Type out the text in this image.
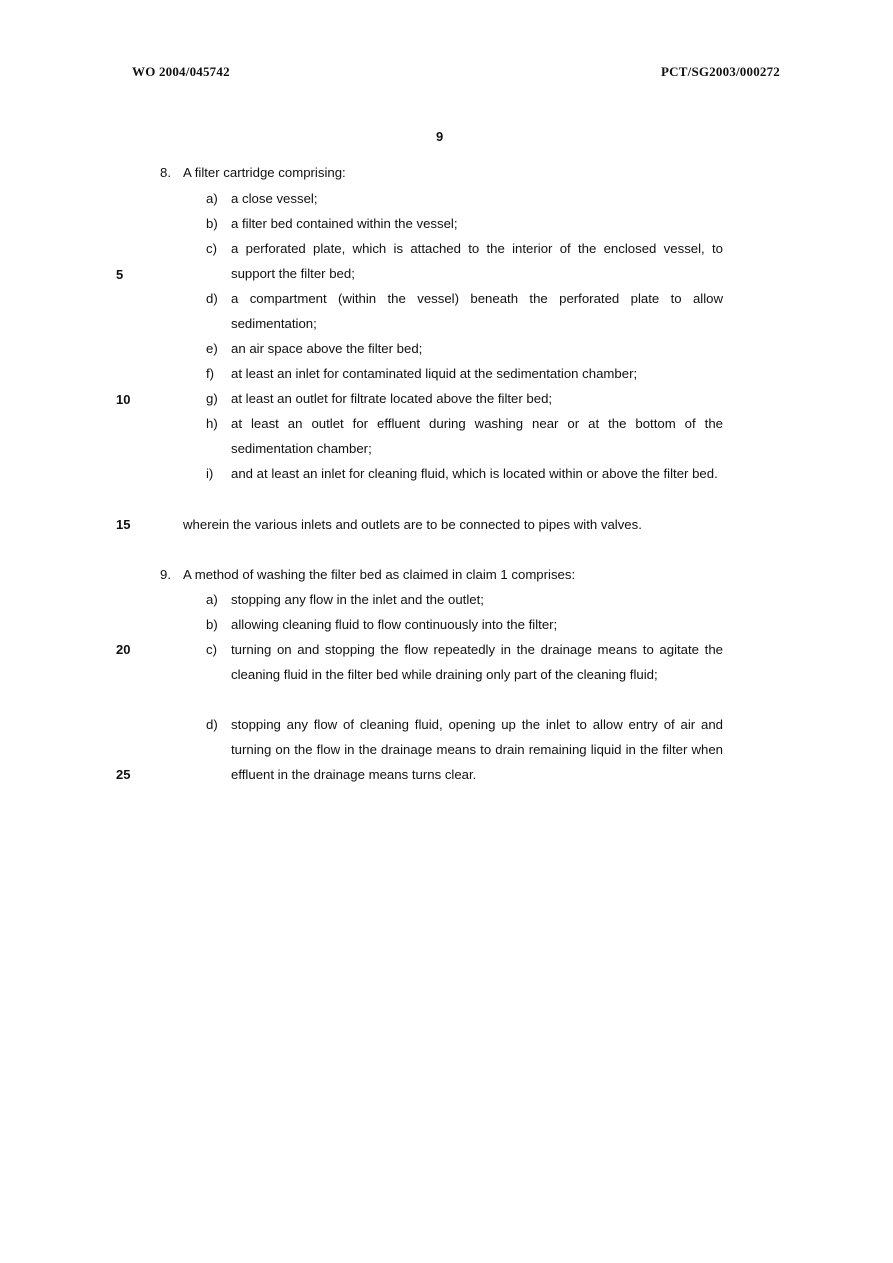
WO 2004/045742	PCT/SG2003/000272
9
5
10
15
20
25
8. A filter cartridge comprising:
a) a close vessel;
b) a filter bed contained within the vessel;
c) a perforated plate, which is attached to the interior of the enclosed vessel, to support the filter bed;
d) a compartment (within the vessel) beneath the perforated plate to allow sedimentation;
e) an air space above the filter bed;
f) at least an inlet for contaminated liquid at the sedimentation chamber;
g) at least an outlet for filtrate located above the filter bed;
h) at least an outlet for effluent during washing near or at the bottom of the sedimentation chamber;
i) and at least an inlet for cleaning fluid, which is located within or above the filter bed.
wherein the various inlets and outlets are to be connected to pipes with valves.
9. A method of washing the filter bed as claimed in claim 1 comprises:
a) stopping any flow in the inlet and the outlet;
b) allowing cleaning fluid to flow continuously into the filter;
c) turning on and stopping the flow repeatedly in the drainage means to agitate the cleaning fluid in the filter bed while draining only part of the cleaning fluid;
d) stopping any flow of cleaning fluid, opening up the inlet to allow entry of air and turning on the flow in the drainage means to drain remaining liquid in the filter when effluent in the drainage means turns clear.
